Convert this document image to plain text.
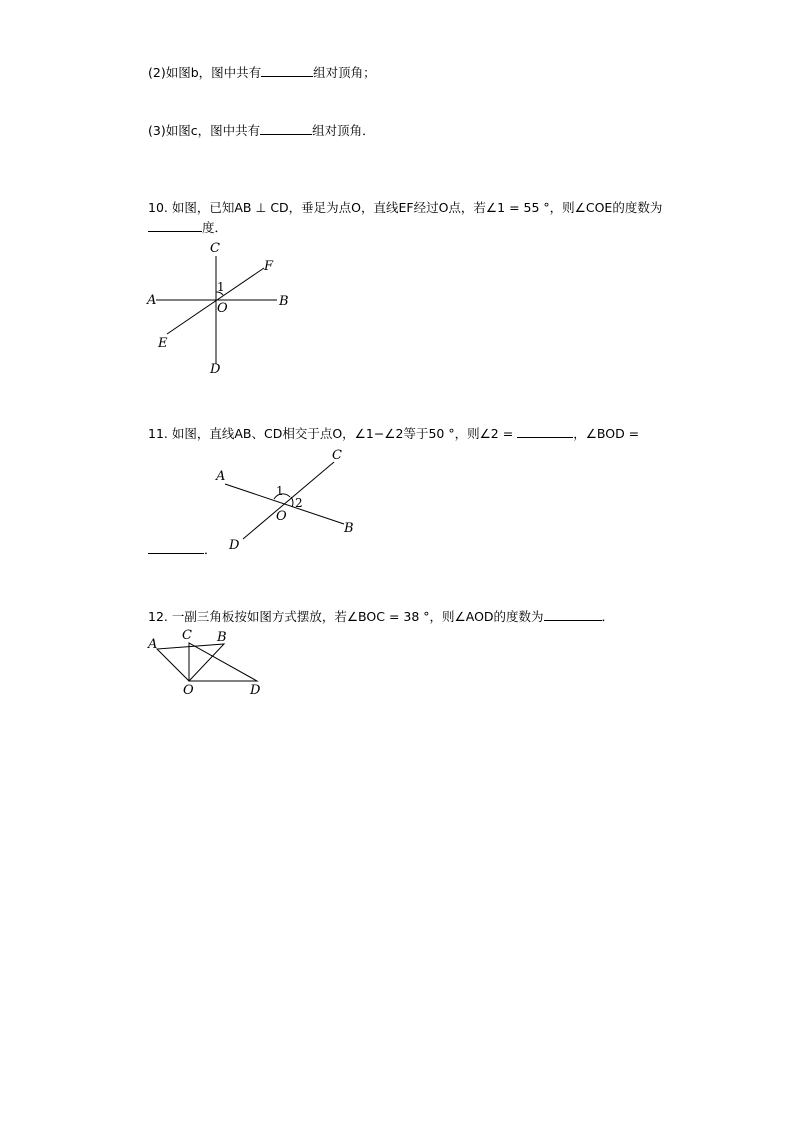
(2)如图b，图中共有	组对顶角；
(3)如图c，图中共有	组对顶角．
10. 如图，已知AB ⊥ CD，垂足为点O，直线EF经过O点，若∠1 = 55 °，则∠COE的度数为
度．
C
F
A
1
O	B
E
D
11. 如图，直线AB、CD相交于点O，∠1−∠2等于50 °，则∠2 =	，∠BOD =
A
C
1
2
O
B
D
．
12. 一副三角板按如图方式摆放，若∠BOC = 38 °，则∠AOD的度数为	．
A
C B
O	D
